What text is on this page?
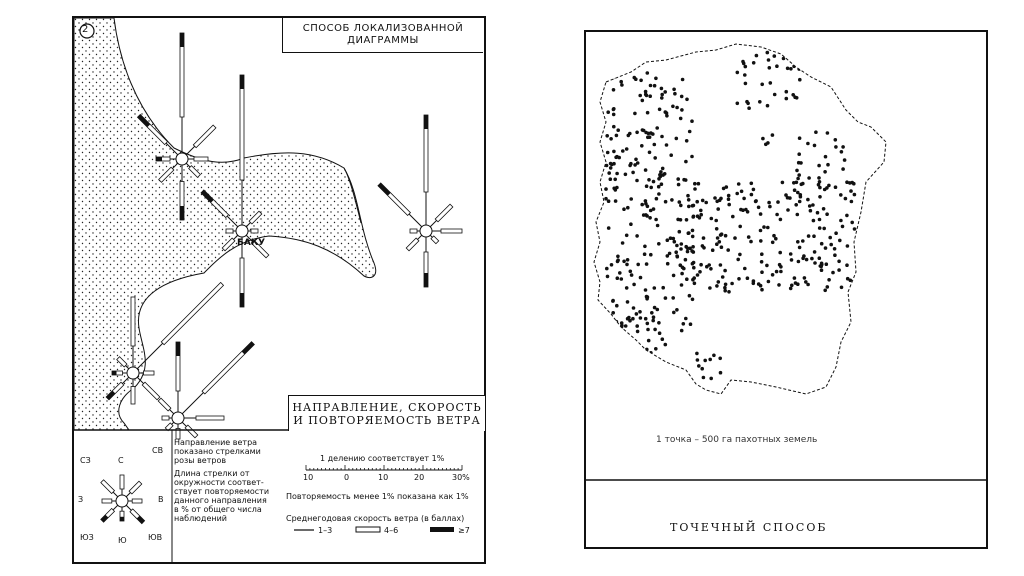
2	СПОСОБ ЛОКАЛИЗОВАННОЙ
ДИАГРАММЫ
БАКУ
НАПРАВЛЕНИЕ, СКОРОСТЬ
И ПОВТОРЯЕМОСТЬ ВЕТРА
С
СВ
В
ЮВ
Ю
ЮЗ
З
СЗ
Направление ветра
показано стрелками
розы ветров
Длина стрелки от
окружности соответ-
ствует повторяемости
данного направления
в % от общего числа
наблюдений
1 делению соответствует 1%
10	0	10	20	30%
Повторяемость менее 1% показана как 1%
Среднегодовая скорость ветра (в баллах)
1–3	4–6	≥7
1 точка – 500 га пахотных земель
ТОЧЕЧНЫЙ СПОСОБ
